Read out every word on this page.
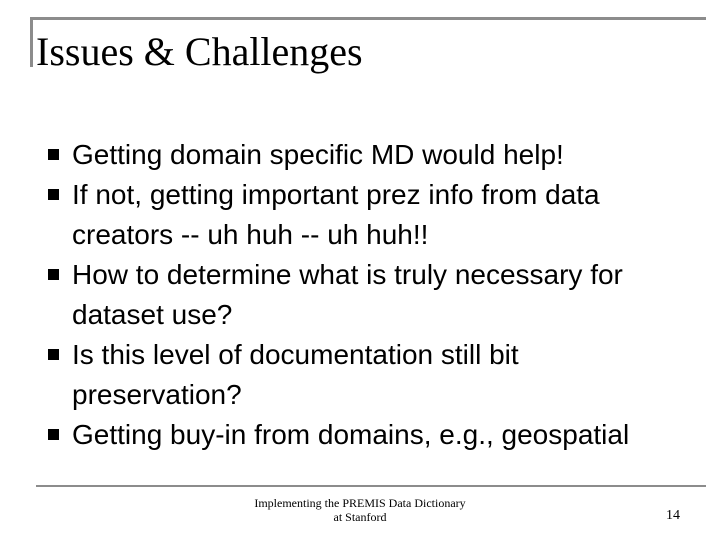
Issues & Challenges
Getting domain specific MD would help!
If not, getting important prez info from data creators -- uh huh -- uh huh!!
How to determine what is truly necessary for dataset use?
Is this level of documentation still bit preservation?
Getting buy-in from domains, e.g., geospatial
Implementing the PREMIS Data Dictionary
at Stanford	14
